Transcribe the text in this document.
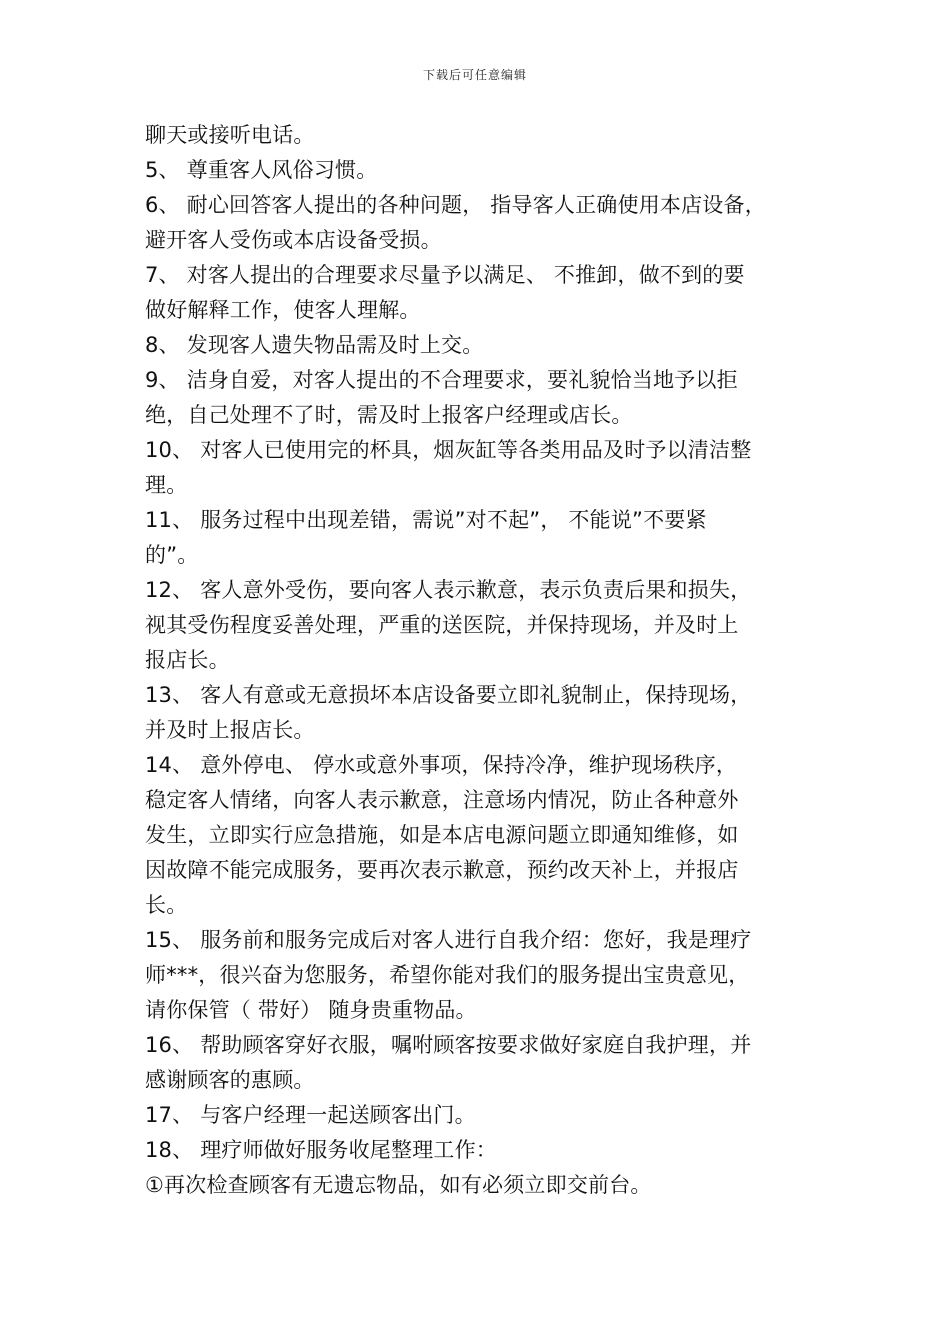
下载后可任意编辑
聊天或接听电话。
5、 尊重客人风俗习惯。
6、 耐心回答客人提出的各种问题， 指导客人正确使用本店设备，
避开客人受伤或本店设备受损。
7、 对客人提出的合理要求尽量予以满足、 不推卸，做不到的要
做好解释工作，使客人理解。
8、 发现客人遗失物品需及时上交。
9、 洁身自爱，对客人提出的不合理要求，要礼貌恰当地予以拒
绝，自己处理不了时，需及时上报客户经理或店长。
10、 对客人已使用完的杯具，烟灰缸等各类用品及时予以清洁整
理。
11、 服务过程中出现差错，需说”对不起”， 不能说”不要紧
的”。
12、 客人意外受伤，要向客人表示歉意，表示负责后果和损失，
视其受伤程度妥善处理，严重的送医院，并保持现场，并及时上
报店长。
13、 客人有意或无意损坏本店设备要立即礼貌制止，保持现场，
并及时上报店长。
14、 意外停电、 停水或意外事项，保持冷净，维护现场秩序，
稳定客人情绪，向客人表示歉意，注意场内情况，防止各种意外
发生，立即实行应急措施，如是本店电源问题立即通知维修，如
因故障不能完成服务，要再次表示歉意，预约改天补上，并报店
长。
15、 服务前和服务完成后对客人进行自我介绍：您好，我是理疗
师***，很兴奋为您服务，希望你能对我们的服务提出宝贵意见，
请你保管（ 带好） 随身贵重物品。
16、 帮助顾客穿好衣服，嘱咐顾客按要求做好家庭自我护理，并
感谢顾客的惠顾。
17、 与客户经理一起送顾客出门。
18、 理疗师做好服务收尾整理工作：
①再次检查顾客有无遗忘物品，如有必须立即交前台。
